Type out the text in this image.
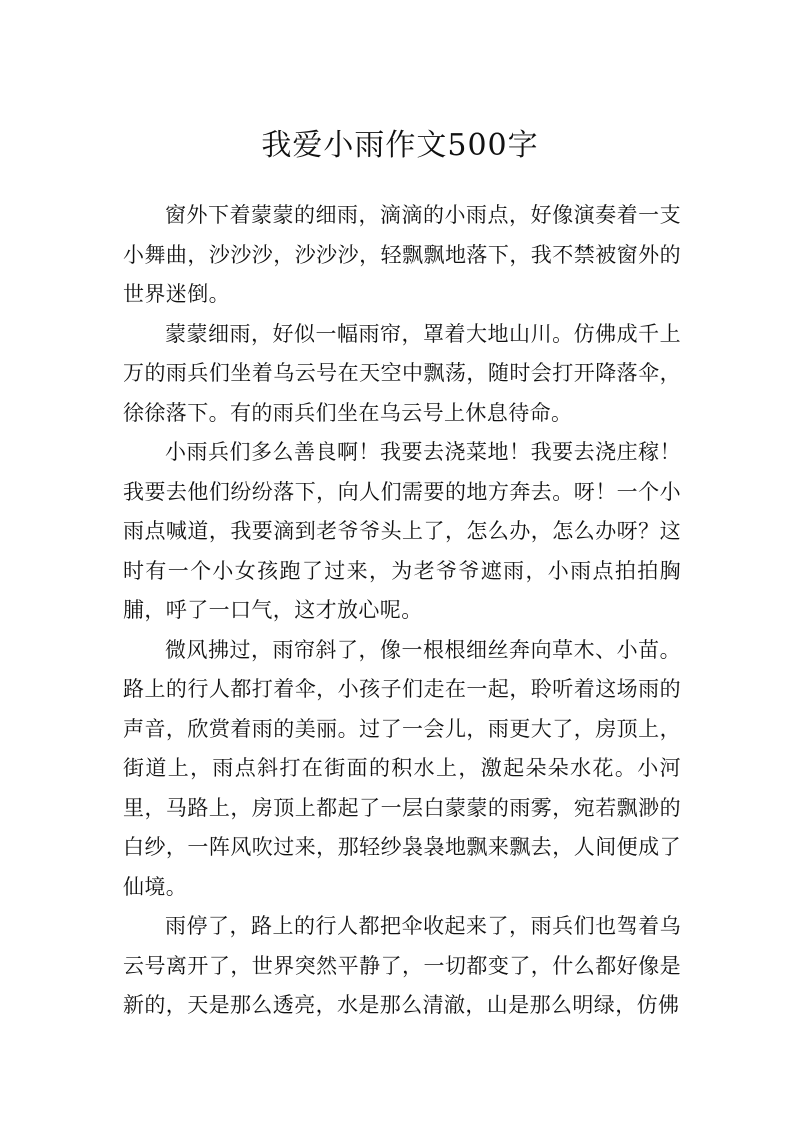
我爱小雨作文500字

窗外下着蒙蒙的细雨，滴滴的小雨点，好像演奏着一支小舞曲，沙沙沙，沙沙沙，轻飘飘地落下，我不禁被窗外的世界迷倒。

蒙蒙细雨，好似一幅雨帘，罩着大地山川。仿佛成千上万的雨兵们坐着乌云号在天空中飘荡，随时会打开降落伞，徐徐落下。有的雨兵们坐在乌云号上休息待命。

小雨兵们多么善良啊！我要去浇菜地！我要去浇庄稼！我要去他们纷纷落下，向人们需要的地方奔去。呀！一个小雨点喊道，我要滴到老爷爷头上了，怎么办，怎么办呀？这时有一个小女孩跑了过来，为老爷爷遮雨，小雨点拍拍胸脯，呼了一口气，这才放心呢。

微风拂过，雨帘斜了，像一根根细丝奔向草木、小苗。路上的行人都打着伞，小孩子们走在一起，聆听着这场雨的声音，欣赏着雨的美丽。过了一会儿，雨更大了，房顶上，街道上，雨点斜打在街面的积水上，激起朵朵水花。小河里，马路上，房顶上都起了一层白蒙蒙的雨雾，宛若飘渺的白纱，一阵风吹过来，那轻纱袅袅地飘来飘去，人间便成了仙境。

雨停了，路上的行人都把伞收起来了，雨兵们也驾着乌云号离开了，世界突然平静了，一切都变了，什么都好像是新的，天是那么透亮，水是那么清澈，山是那么明绿，仿佛
